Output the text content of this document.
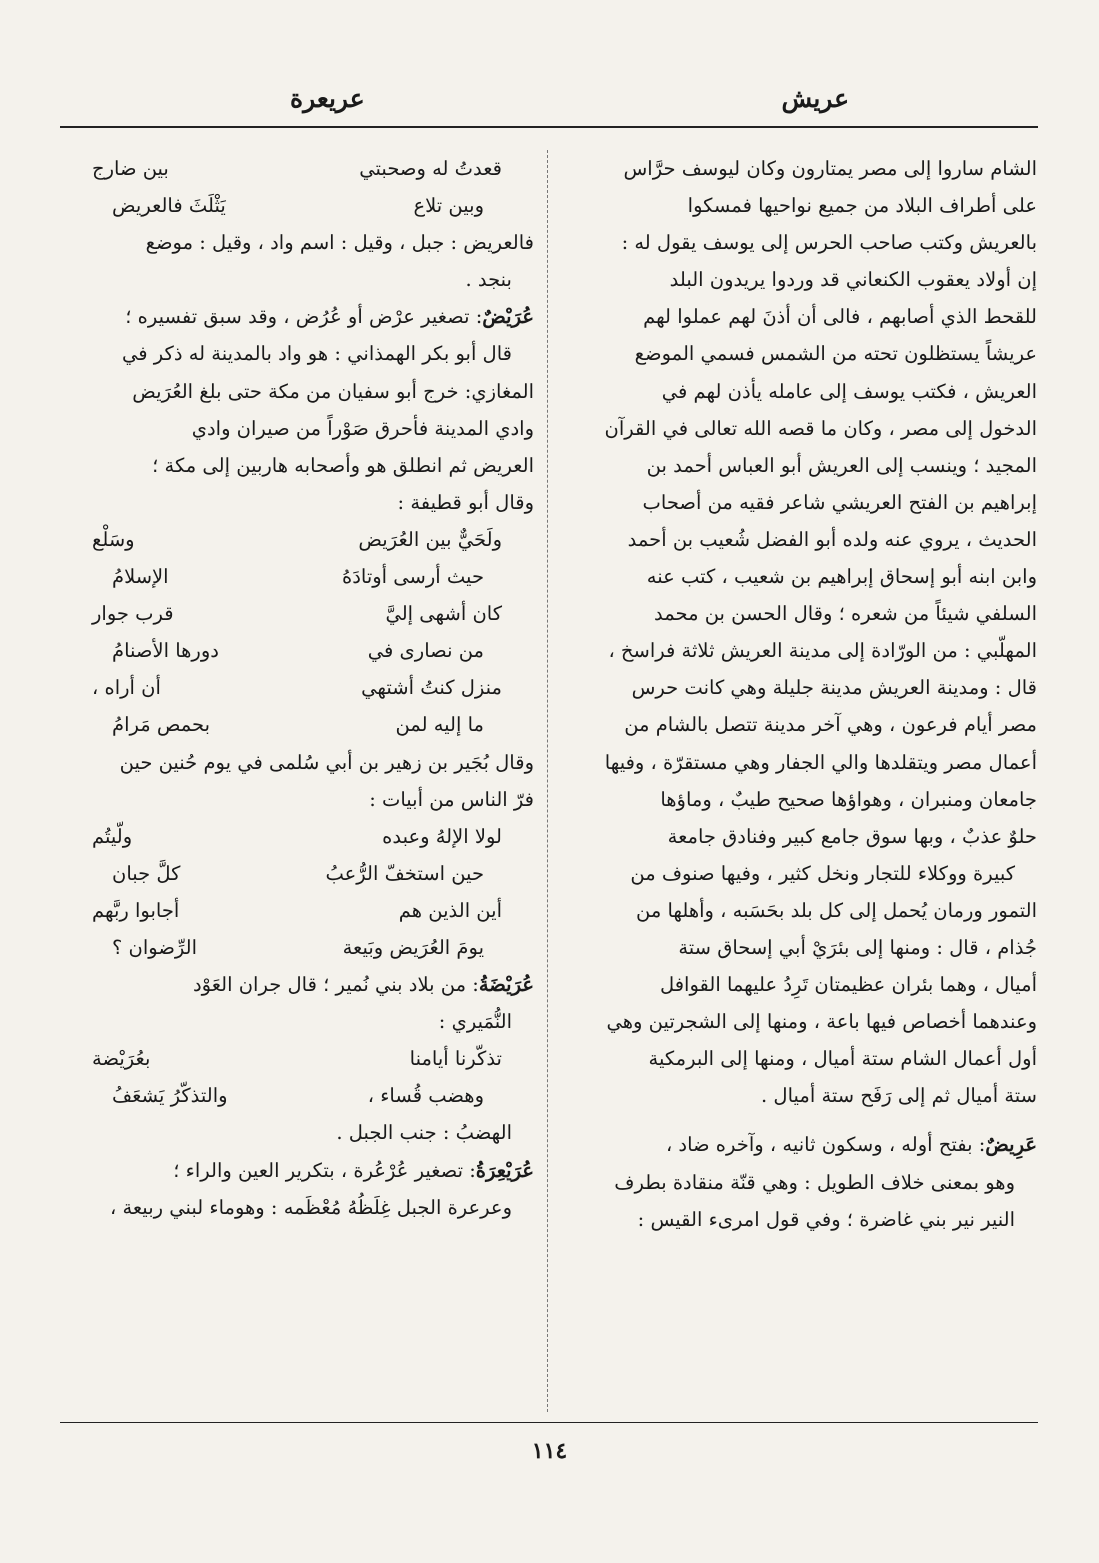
عريش
عريعرة
الشام ساروا إلى مصر يمتارون وكان ليوسف حرَّاس
على أطراف البلاد من جميع نواحيها فمسكوا
بالعريش وكتب صاحب الحرس إلى يوسف يقول له :
إن أولاد يعقوب الكنعاني قد وردوا يريدون البلد
للقحط الذي أصابهم ، فالى أن أذنَ لهم عملوا لهم
عريشاً يستظلون تحته من الشمس فسمي الموضع
العريش ، فكتب يوسف إلى عامله يأذن لهم في
الدخول إلى مصر ، وكان ما قصه الله تعالى في القرآن
المجيد ؛ وينسب إلى العريش أبو العباس أحمد بن
إبراهيم بن الفتح العريشي شاعر فقيه من أصحاب
الحديث ، يروي عنه ولده أبو الفضل شُعيب بن أحمد
وابن ابنه أبو إسحاق إبراهيم بن شعيب ، كتب عنه
السلفي شيئاً من شعره ؛ وقال الحسن بن محمد
المهلّبي : من الورّادة إلى مدينة العريش ثلاثة فراسخ ،
قال : ومدينة العريش مدينة جليلة وهي كانت حرس
مصر أيام فرعون ، وهي آخر مدينة تتصل بالشام من
أعمال مصر ويتقلدها والي الجفار وهي مستقرّة ، وفيها
جامعان ومنبران ، وهواؤها صحيح طيبٌ ، وماؤها
حلوٌ عذبٌ ، وبها سوق جامع كبير وفنادق جامعة
كبيرة ووكلاء للتجار ونخل كثير ، وفيها صنوف من
التمور ورمان يُحمل إلى كل بلد بحَسَبه ، وأهلها من
جُذام ، قال : ومنها إلى بئرَيْ أبي إسحاق ستة
أميال ، وهما بئران عظيمتان تَرِدُ عليهما القوافل
وعندهما أخصاص فيها باعة ، ومنها إلى الشجرتين وهي
أول أعمال الشام ستة أميال ، ومنها إلى البرمكية
ستة أميال ثم إلى رَفَح ستة أميال .
عَرِيضٌ: بفتح أوله ، وسكون ثانيه ، وآخره ضاد ،
وهو بمعنى خلاف الطويل : وهي قنّة منقادة بطرف
النير نير بني غاضرة ؛ وفي قول امرىء القيس :
قعدتُ له وصحبتي
بين ضارج
وبين تلاع
يَثْلَثَ فالعريض
فالعريض : جبل ، وقيل : اسم واد ، وقيل : موضع
بنجد .
عُرَيْضٌ: تصغير عرْض أو عُرُض ، وقد سبق تفسيره ؛
قال أبو بكر الهمذاني : هو واد بالمدينة له ذكر في
المغازي: خرج أبو سفيان من مكة حتى بلغ العُرَيض
وادي المدينة فأحرق صَوْراً من صيران وادي
العريض ثم انطلق هو وأصحابه هاربين إلى مكة ؛
وقال أبو قطيفة :
ولَحَيٌّ بين العُرَيض
وسَلْع
حيث أرسى أوتادَهُ
الإسلامُ
كان أشهى إليَّ
قرب جوار
من نصارى في
دورها الأصنامُ
منزل كنتُ أشتهي
أن أراه ،
ما إليه لمن
بحمص مَرامُ
وقال بُجَير بن زهير بن أبي سُلمى في يوم حُنين حين
فرّ الناس من أبيات :
لولا الإلهُ وعبده
ولّيتُم
حين استخفّ الرُّعبُ
كلَّ جبان
أين الذين هم
أجابوا ربَّهم
يومَ العُرَيض وبَيعة
الرِّضوان ؟
عُرَيْضَةُ: من بلاد بني نُمير ؛ قال جران العَوْد
النُّمَيري :
تذكّرنا أيامنا
بعُرَيْضة
وهضب قُساء ،
والتذكّرُ يَشعَفُ
الهضبُ : جنب الجبل .
عُرَيْعِرَةُ: تصغير عُرْعُرة ، بتكرير العين والراء ؛
وعرعرة الجبل غِلَظُهُ مُعْظَمه : وهوماء لبني ربيعة ،
١١٤
